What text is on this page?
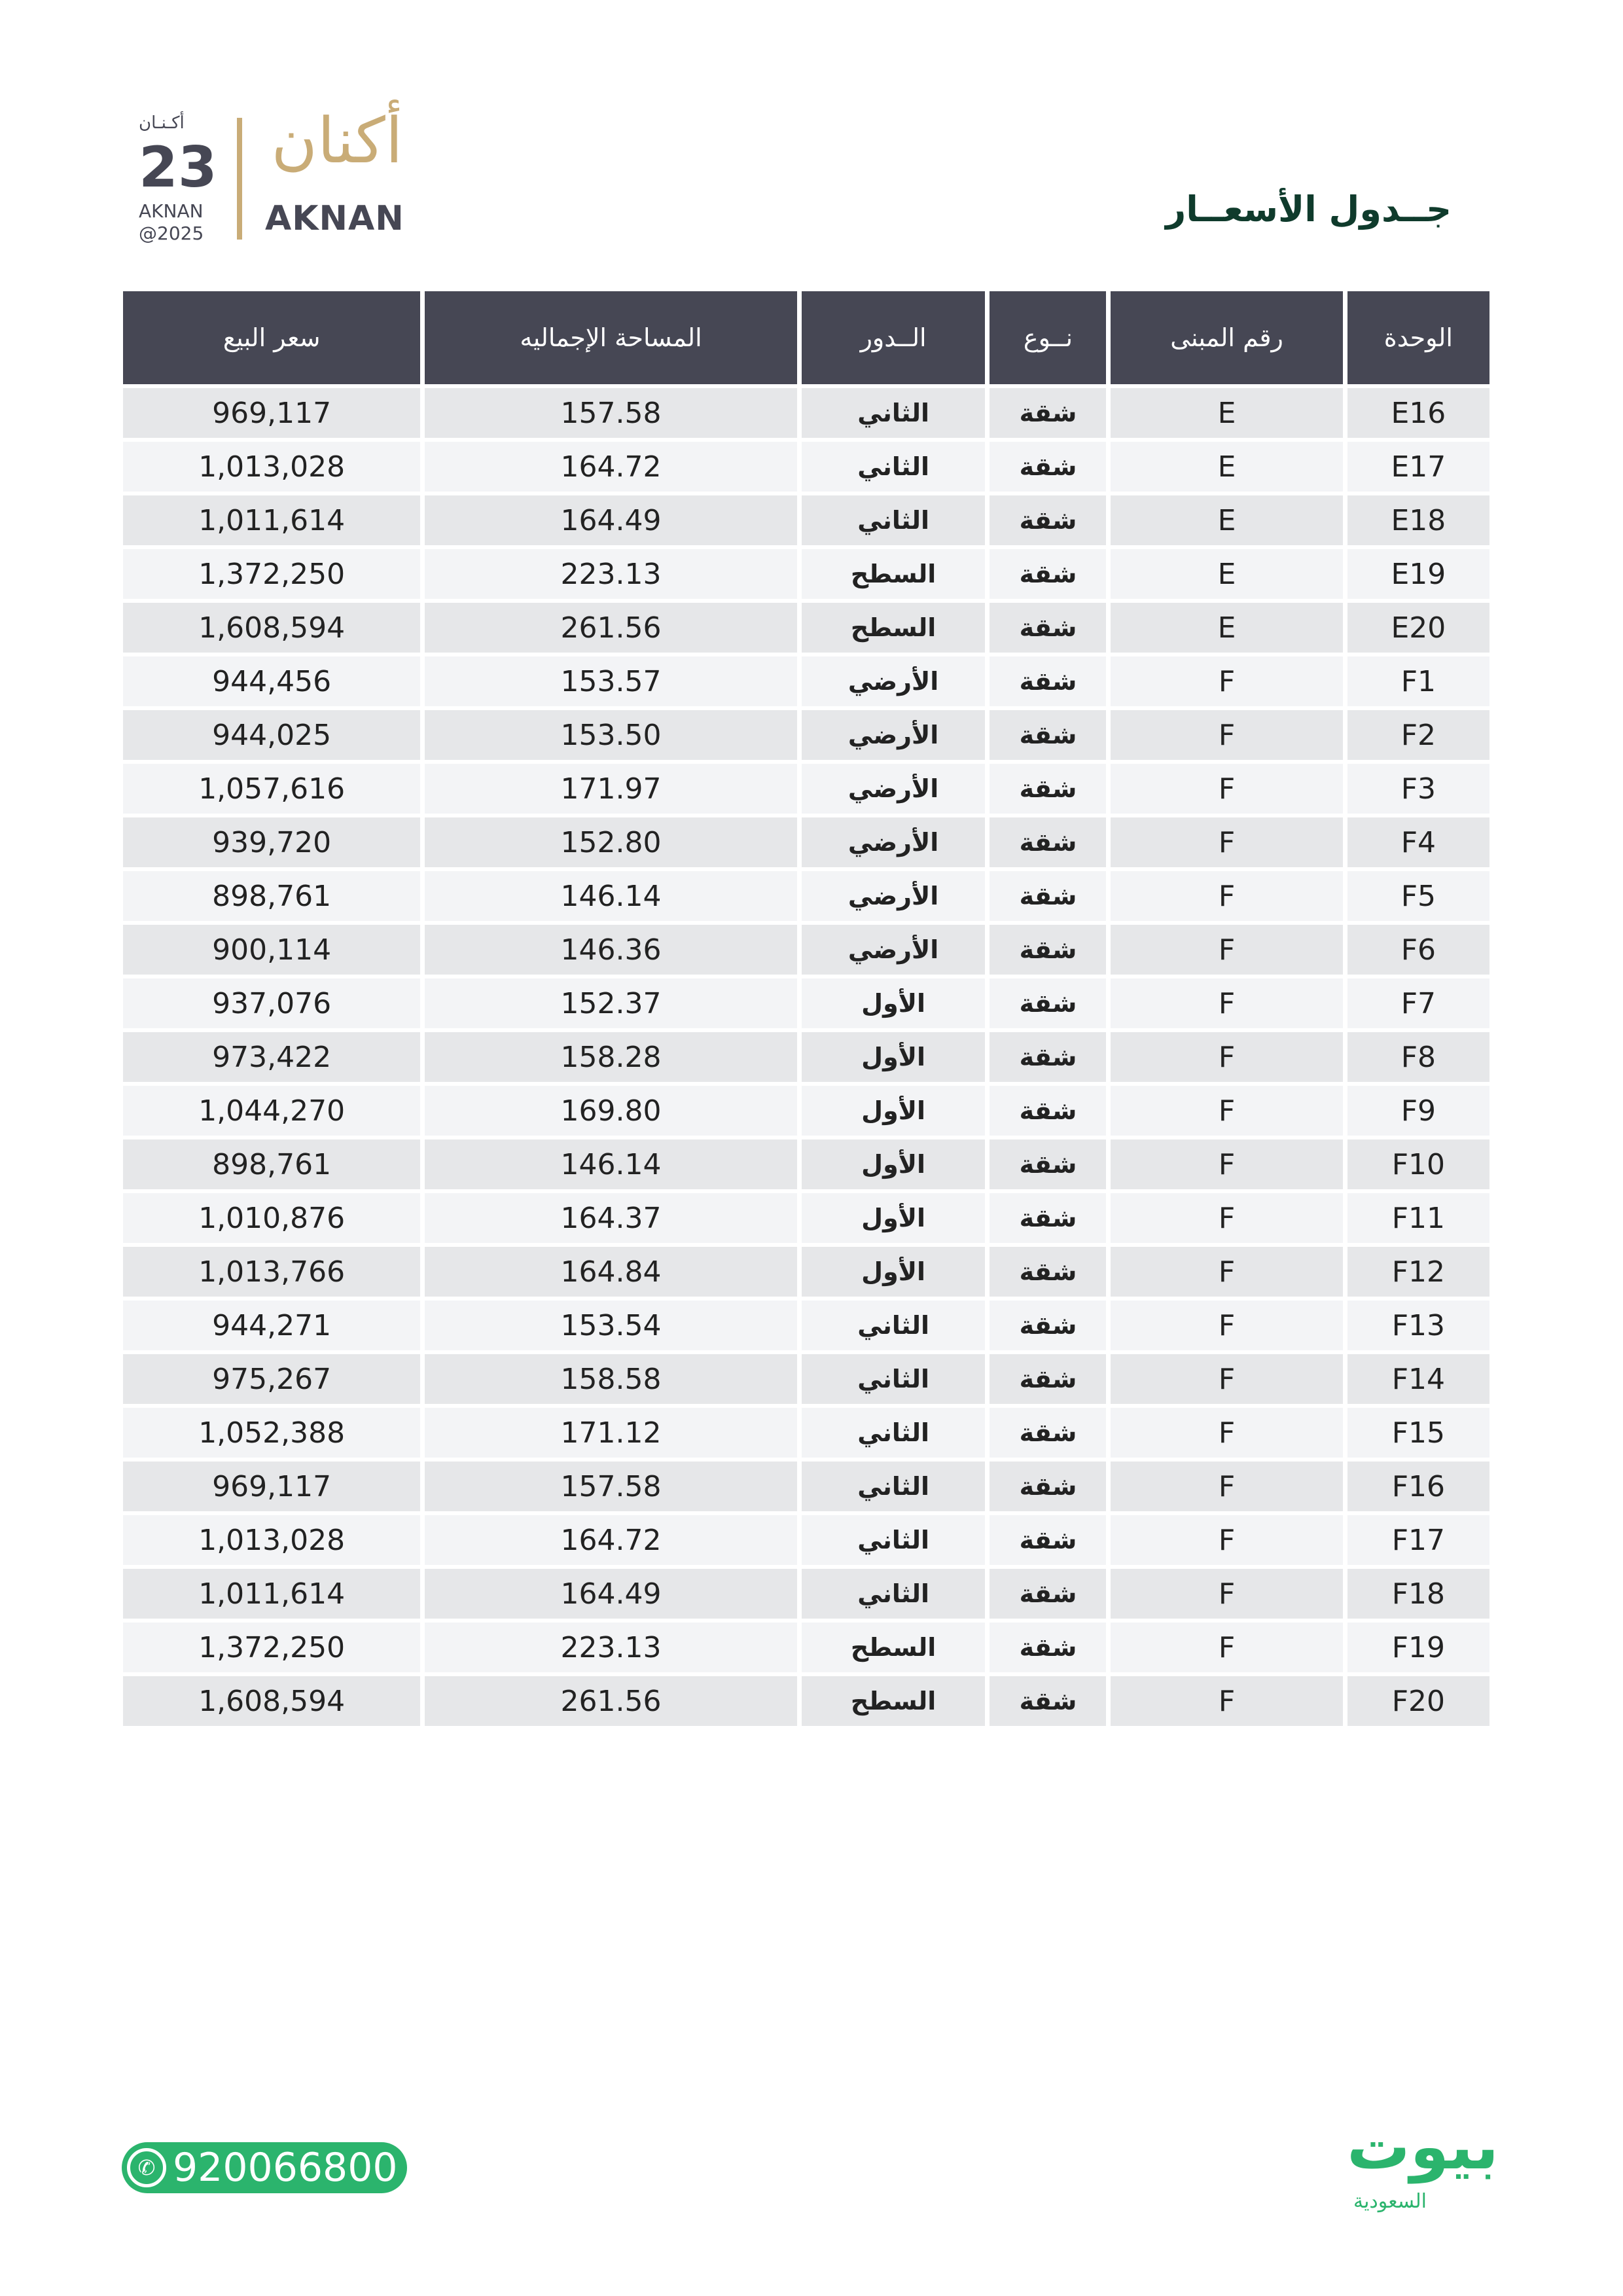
أكـنـان
23
AKNAN
@2025
أكنان
AKNAN	جــدول الأسعــار
الوحدة	رقم المبنى	نــوع	الــدور	المساحة الإجماليه	سعر البيع

E16	E	شقة	الثاني	157.58	969,117

E17	E	شقة	الثاني	164.72	1,013,028

E18	E	شقة	الثاني	164.49	1,011,614

E19	E	شقة	السطح	223.13	1,372,250

E20	E	شقة	السطح	261.56	1,608,594

F1	F	شقة	الأرضي	153.57	944,456

F2	F	شقة	الأرضي	153.50	944,025

F3	F	شقة	الأرضي	171.97	1,057,616

F4	F	شقة	الأرضي	152.80	939,720

F5	F	شقة	الأرضي	146.14	898,761

F6	F	شقة	الأرضي	146.36	900,114

F7	F	شقة	الأول	152.37	937,076

F8	F	شقة	الأول	158.28	973,422

F9	F	شقة	الأول	169.80	1,044,270

F10	F	شقة	الأول	146.14	898,761

F11	F	شقة	الأول	164.37	1,010,876

F12	F	شقة	الأول	164.84	1,013,766

F13	F	شقة	الثاني	153.54	944,271

F14	F	شقة	الثاني	158.58	975,267

F15	F	شقة	الثاني	171.12	1,052,388

F16	F	شقة	الثاني	157.58	969,117

F17	F	شقة	الثاني	164.72	1,013,028

F18	F	شقة	الثاني	164.49	1,011,614

F19	F	شقة	السطح	223.13	1,372,250

F20	F	شقة	السطح	261.56	1,608,594
✆ 920066800	بيوت
السعودية
